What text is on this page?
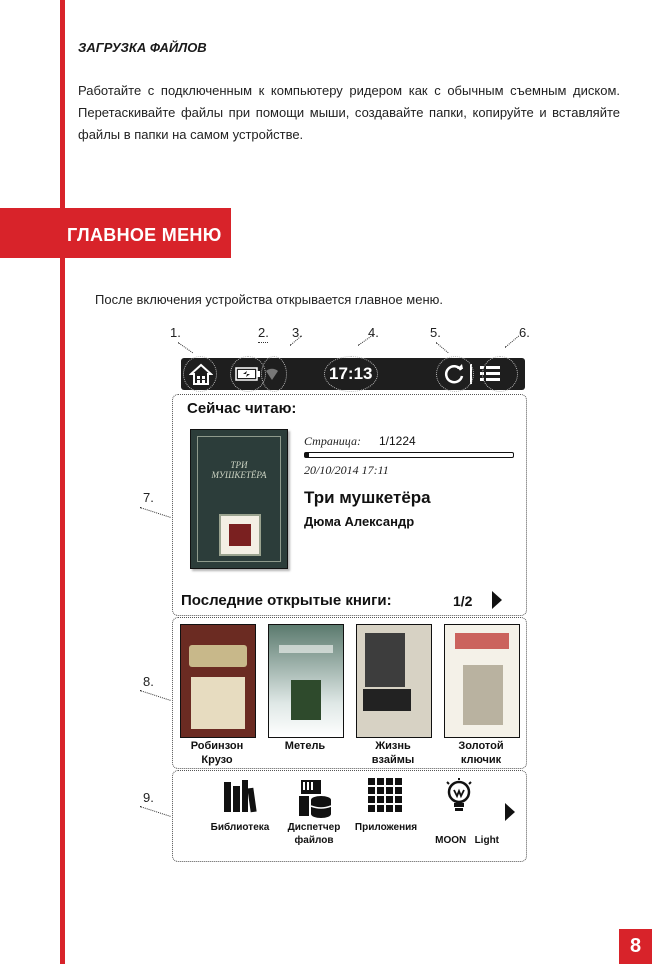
ЗАГРУЗКА ФАЙЛОВ
Работайте с подключенным к компьютеру ридером как с обычным съемным диском. Перетаскивайте файлы при помощи мыши, создавайте папки, копируйте и вставляйте файлы в папки на самом устройстве.
ГЛАВНОЕ МЕНЮ
После включения устройства открывается главное меню.
1.	2. 3.	4.	5.	6.
7.
8.
9.
17:13
Сейчас читаю:
ТРИ
МУШКЕТЁРА
Страница: 1/1224
20/10/2014 17:11
Три мушкетёра
Дюма Александр
Последние открытые книги:	1/2
Робинзон
Крузо
Метель	Жизнь
взаймы
Золотой
ключик
Библиотека	Диспетчер
файлов
Приложения

MOON   Light

8
